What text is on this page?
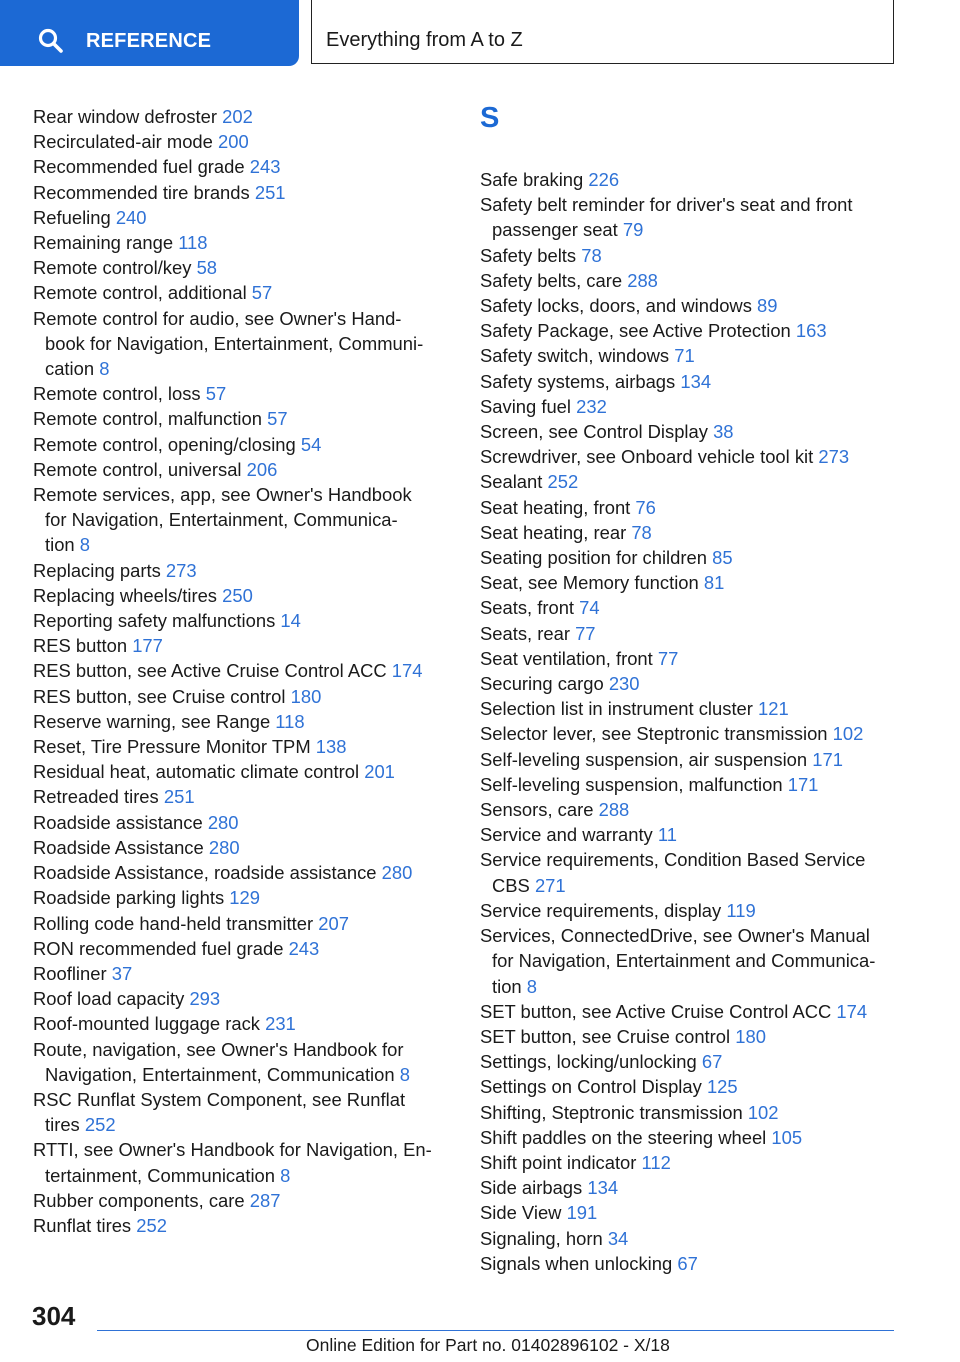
REFERENCE	Everything from A to Z
Rear window defroster 202
Recirculated-air mode 200
Recommended fuel grade 243
Recommended tire brands 251
Refueling 240
Remaining range 118
Remote control/key 58
Remote control, additional 57
Remote control for audio, see Owner's Hand-
book for Navigation, Entertainment, Communi-
cation 8
Remote control, loss 57
Remote control, malfunction 57
Remote control, opening/closing 54
Remote control, universal 206
Remote services, app, see Owner's Handbook
for Navigation, Entertainment, Communica-
tion 8
Replacing parts 273
Replacing wheels/tires 250
Reporting safety malfunctions 14
RES button 177
RES button, see Active Cruise Control ACC 174
RES button, see Cruise control 180
Reserve warning, see Range 118
Reset, Tire Pressure Monitor TPM 138
Residual heat, automatic climate control 201
Retreaded tires 251
Roadside assistance 280
Roadside Assistance 280
Roadside Assistance, roadside assistance 280
Roadside parking lights 129
Rolling code hand-held transmitter 207
RON recommended fuel grade 243
Roofliner 37
Roof load capacity 293
Roof-mounted luggage rack 231
Route, navigation, see Owner's Handbook for
Navigation, Entertainment, Communication 8
RSC Runflat System Component, see Runflat
tires 252
RTTI, see Owner's Handbook for Navigation, En-
tertainment, Communication 8
Rubber components, care 287
Runflat tires 252
S
Safe braking 226
Safety belt reminder for driver's seat and front
passenger seat 79
Safety belts 78
Safety belts, care 288
Safety locks, doors, and windows 89
Safety Package, see Active Protection 163
Safety switch, windows 71
Safety systems, airbags 134
Saving fuel 232
Screen, see Control Display 38
Screwdriver, see Onboard vehicle tool kit 273
Sealant 252
Seat heating, front 76
Seat heating, rear 78
Seating position for children 85
Seat, see Memory function 81
Seats, front 74
Seats, rear 77
Seat ventilation, front 77
Securing cargo 230
Selection list in instrument cluster 121
Selector lever, see Steptronic transmission 102
Self-leveling suspension, air suspension 171
Self-leveling suspension, malfunction 171
Sensors, care 288
Service and warranty 11
Service requirements, Condition Based Service
CBS 271
Service requirements, display 119
Services, ConnectedDrive, see Owner's Manual
for Navigation, Entertainment and Communica-
tion 8
SET button, see Active Cruise Control ACC 174
SET button, see Cruise control 180
Settings, locking/unlocking 67
Settings on Control Display 125
Shifting, Steptronic transmission 102
Shift paddles on the steering wheel 105
Shift point indicator 112
Side airbags 134
Side View 191
Signaling, horn 34
Signals when unlocking 67
304
Online Edition for Part no. 01402896102 - X/18
